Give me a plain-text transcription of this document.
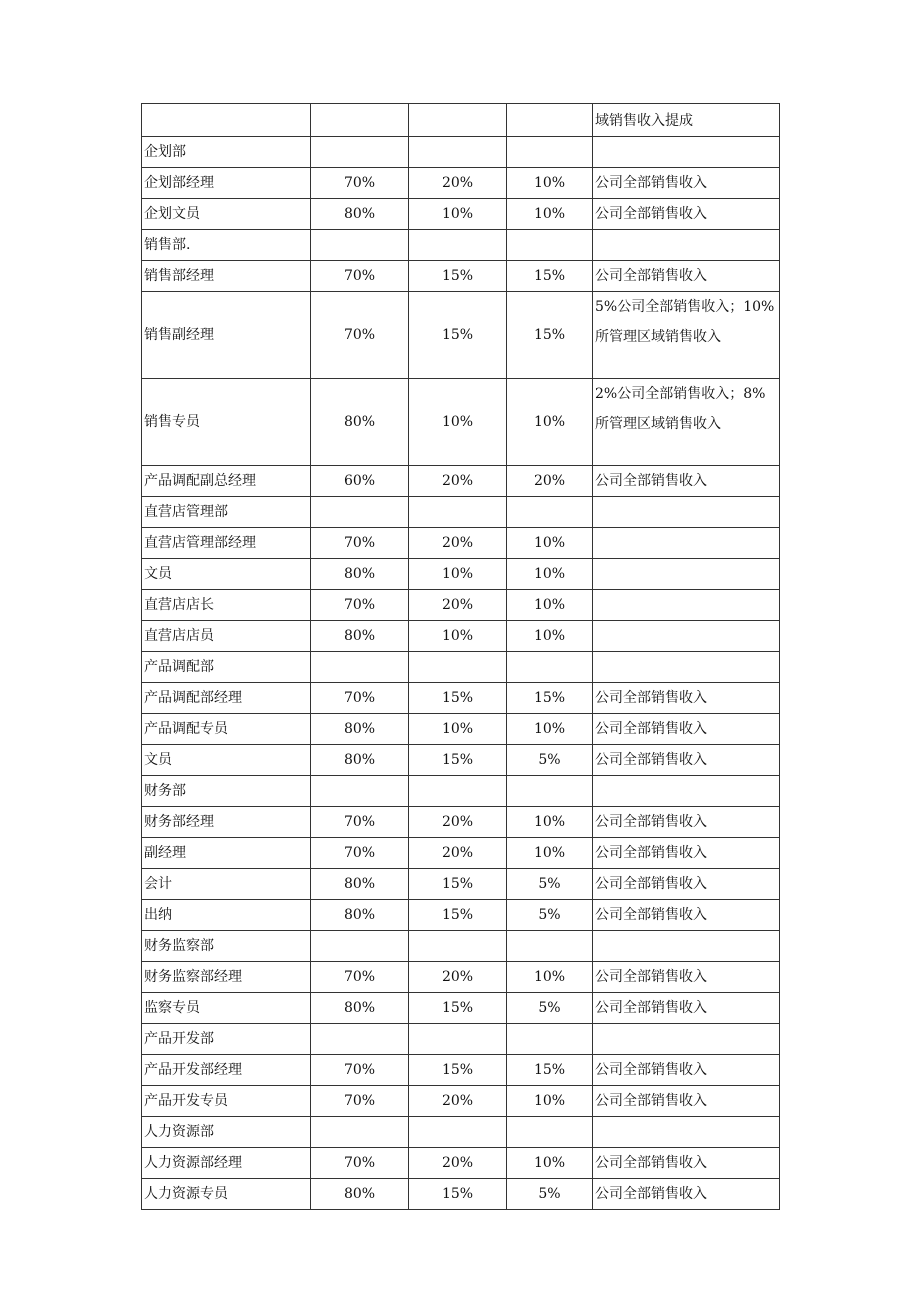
				域销售收入提成
企划部				
企划部经理	70%	20%	10%	公司全部销售收入
企划文员	80%	10%	10%	公司全部销售收入
销售部.				
销售部经理	70%	15%	15%	公司全部销售收入
销售副经理	70%	15%	15%	5%公司全部销售收入；10%所管理区域销售收入
销售专员	80%	10%	10%	2%公司全部销售收入；8%所管理区域销售收入
产品调配副总经理	60%	20%	20%	公司全部销售收入
直营店管理部				
直营店管理部经理	70%	20%	10%	
文员	80%	10%	10%	
直营店店长	70%	20%	10%	
直营店店员	80%	10%	10%	
产品调配部				
产品调配部经理	70%	15%	15%	公司全部销售收入
产品调配专员	80%	10%	10%	公司全部销售收入
文员	80%	15%	5%	公司全部销售收入
财务部				
财务部经理	70%	20%	10%	公司全部销售收入
副经理	70%	20%	10%	公司全部销售收入
会计	80%	15%	5%	公司全部销售收入
出纳	80%	15%	5%	公司全部销售收入
财务监察部				
财务监察部经理	70%	20%	10%	公司全部销售收入
监察专员	80%	15%	5%	公司全部销售收入
产品开发部				
产品开发部经理	70%	15%	15%	公司全部销售收入
产品开发专员	70%	20%	10%	公司全部销售收入
人力资源部				
人力资源部经理	70%	20%	10%	公司全部销售收入
人力资源专员	80%	15%	5%	公司全部销售收入
